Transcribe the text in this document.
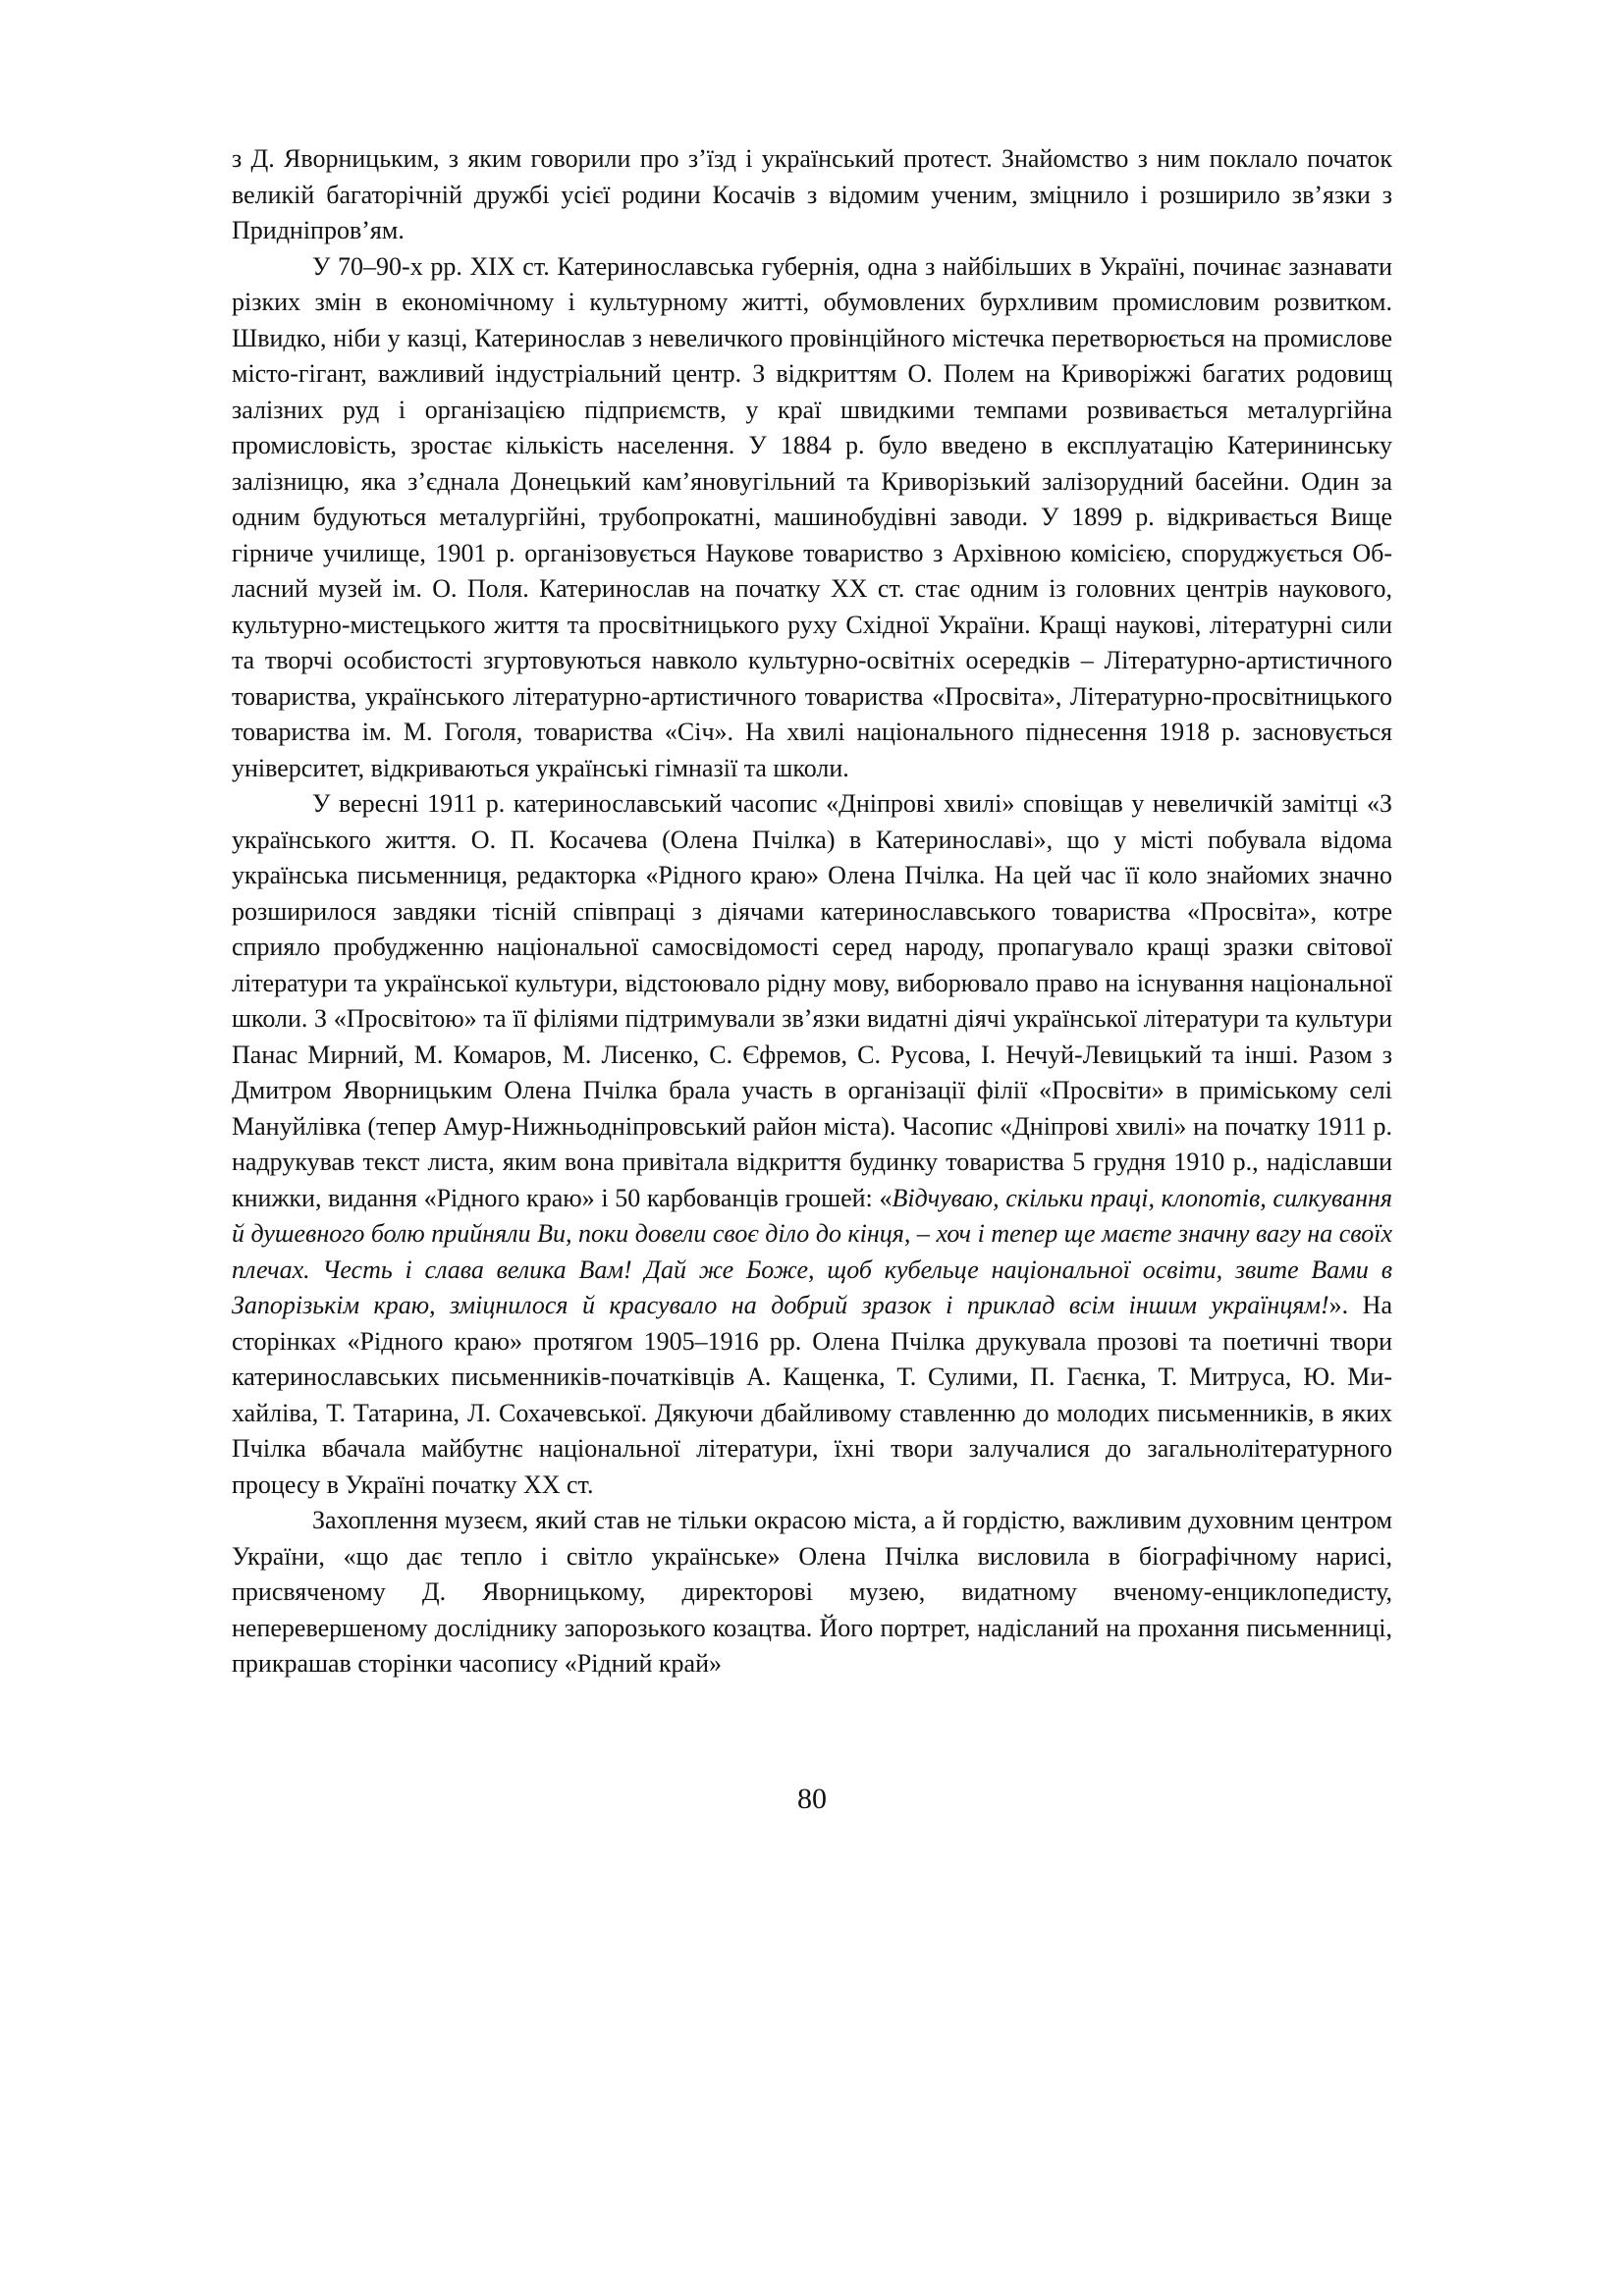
з Д. Яворницьким, з яким говорили про з’їзд і український протест. Знайомство з ним поклало початок великій багаторічній дружбі усієї родини Косачів з відомим ученим, зміцнило і розширило зв’язки з Придніпров’ям.

У 70–90-х рр. ХІХ ст. Катеринославська губернія, одна з найбільших в Україні, починає зазнавати різких змін в економічному і культурному житті, обумовлених бурхливим промисловим розвитком. Швидко, ніби у казці, Катеринослав з невеличкого провінційного містечка перетворюється на промислове місто-гігант, важливий індустріальний центр. З відкриттям О. Полем на Криворіжжі багатих родовищ залізних руд і організацією підприємств, у краї швидкими темпами розвивається металургійна промисловість, зростає кількість населення. У 1884 р. було введено в експлуатацію Катерининську залізницю, яка з’єднала Донецький кам’яновугільний та Криворізький залізорудний басейни. Один за одним будуються металургійні, трубопрокатні, машинобудівні заводи. У 1899 р. відкривається Вище гірниче училище, 1901 р. організовується Наукове товариство з Архівною комісією, споруджується Обласний музей ім. О. Поля. Катеринослав на початку ХХ ст. стає одним із головних центрів наукового, культурно-мистецького життя та просвітницького руху Східної України. Кращі наукові, літературні сили та творчі особистості згуртовуються навколо культурно-освітніх осередків – Літературно-артистичного товариства, українського літературно-артистичного товариства «Просвіта», Літературно-просвітницького товариства ім. М. Гоголя, товариства «Січ». На хвилі національного піднесення 1918 р. засновується університет, відкриваються українські гімназії та школи.

У вересні 1911 р. катеринославський часопис «Дніпрові хвилі» сповіщав у невеличкій замітці «З українського життя. О. П. Косачева (Олена Пчілка) в Катеринославі», що у місті побувала відома українська письменниця, редакторка «Рідного краю» Олена Пчілка. На цей час її коло знайомих значно розширилося завдяки тісній співпраці з діячами катеринославського товариства «Просвіта», котре сприяло пробудженню національної самосвідомості серед народу, пропагувало кращі зразки світової літератури та української культури, відстоювало рідну мову, виборювало право на існування національної школи. З «Просвітою» та її філіями підтримували зв’язки видатні діячі української літератури та культури Панас Мирний, М. Комаров, М. Лисенко, С. Єфремов, С. Русова, І. Нечуй-Левицький та інші. Разом з Дмитром Яворницьким Олена Пчілка брала участь в організації філії «Просвіти» в приміському селі Мануйлівка (тепер Амур-Нижньодніпровський район міста). Часопис «Дніпрові хвилі» на початку 1911 р. надрукував текст листа, яким вона привітала відкриття будинку товариства 5 грудня 1910 р., надіславши книжки, видання «Рідного краю» і 50 карбованців грошей: «Відчуваю, скільки праці, клопотів, силкування й душевного болю прийняли Ви, поки довели своє діло до кінця, – хоч і тепер ще маєте значну вагу на своїх плечах. Честь і слава велика Вам! Дай же Боже, щоб кубельце національної освіти, звите Вами в Запорізькім краю, зміцнилося й красувало на добрий зразок і приклад всім іншим українцям!». На сторінках «Рідного краю» протягом 1905–1916 рр. Олена Пчілка друкувала прозові та поетичні твори катеринославських письменників-початківців А. Кащенка, Т. Сулими, П. Гаєнка, Т. Митруса, Ю. Михайліва, Т. Татарина, Л. Сохачевської. Дякуючи дбайливому ставленню до молодих письменників, в яких Пчілка вбачала майбутнє національної літератури, їхні твори залучалися до загальнолітературного процесу в Україні початку ХХ ст.

Захоплення музеєм, який став не тільки окрасою міста, а й гордістю, важливим духовним центром України, «що дає тепло і світло українське» Олена Пчілка висловила в біографічному нарисі, присвяченому Д. Яворницькому, директорові музею, видатному вченому-енциклопедисту, неперевершеному досліднику запорозького козацтва. Його портрет, надісланий на прохання письменниці, прикрашав сторінки часопису «Рідний край»

80
